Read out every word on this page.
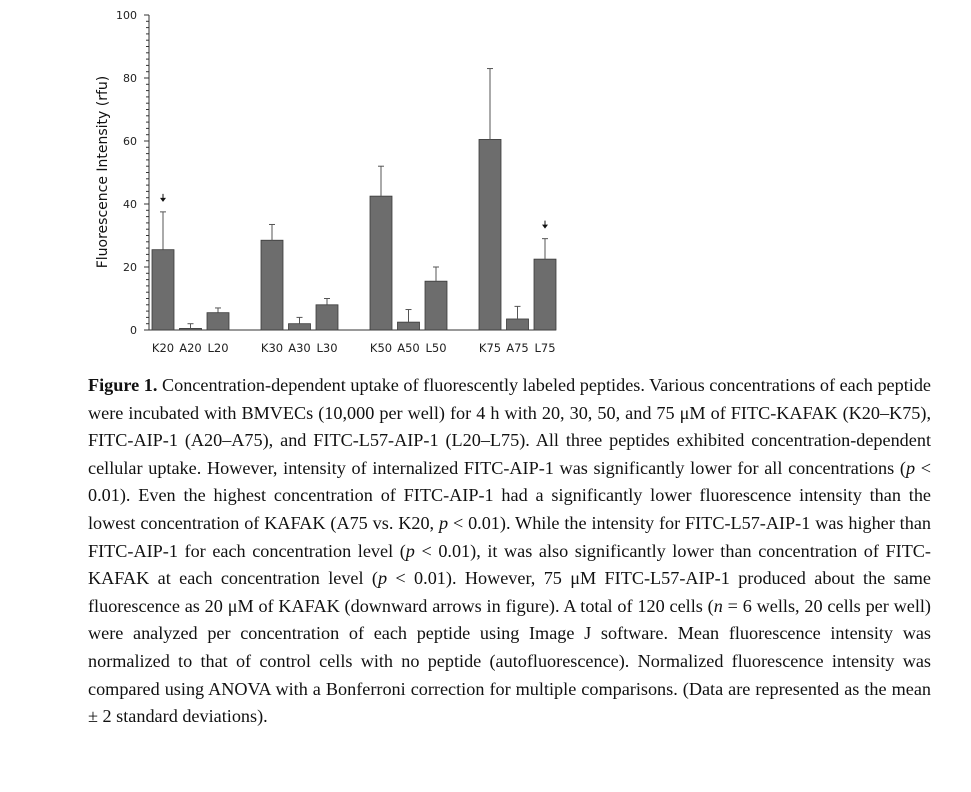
0
20
40
60
80
100
K20 A20 L20	K30 A30 L30	K50 A50 L50	K75 A75 L75
Fluorescence Intensity (rfu)

Figure 1. Concentration-dependent uptake of fluorescently labeled peptides. Various concentrations of each peptide were incubated with BMVECs (10,000 per well) for 4 h with 20, 30, 50, and 75 μM of FITC-KAFAK (K20–K75), FITC-AIP-1 (A20–A75), and FITC-L57-AIP-1 (L20–L75). All three peptides exhibited concentration-dependent cellular uptake. However, intensity of internalized FITC-AIP-1 was significantly lower for all concentrations (p < 0.01). Even the highest concentration of FITC-AIP-1 had a significantly lower fluorescence intensity than the lowest concentration of KAFAK (A75 vs. K20, p < 0.01). While the intensity for FITC-L57-AIP-1 was higher than FITC-AIP-1 for each concentration level (p < 0.01), it was also significantly lower than concentration of FITC-KAFAK at each concentration level (p < 0.01). However, 75 μM FITC-L57-AIP-1 produced about the same fluorescence as 20 μM of KAFAK (downward arrows in figure). A total of 120 cells (n = 6 wells, 20 cells per well) were analyzed per concentration of each peptide using Image J software. Mean fluorescence intensity was normalized to that of control cells with no peptide (autofluorescence). Normalized fluorescence intensity was compared using ANOVA with a Bonferroni correction for multiple comparisons. (Data are represented as the mean ± 2 standard deviations).
